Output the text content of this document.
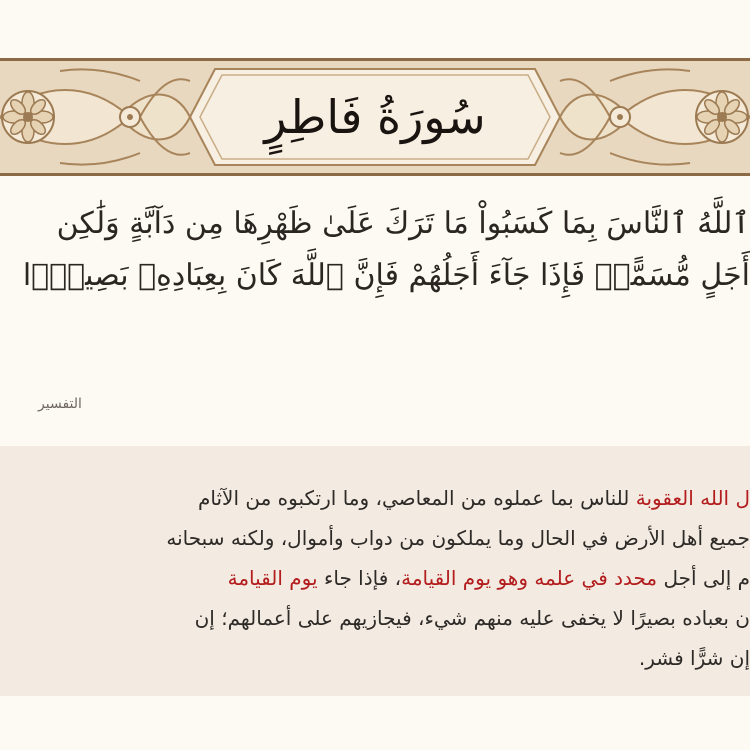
سُورَةُ فَاطِرٍ
ٱللَّهُ ٱلنَّاسَ بِمَا كَسَبُواْ مَا تَرَكَ عَلَىٰ ظَهْرِهَا مِن دَآبَّةٍ وَلَٰكِن
أَجَلٍ مُّسَمًّىۖ فَإِذَا جَآءَ أَجَلُهُمْ فَإِنَّ ٱللَّهَ كَانَ بِعِبَادِهِۦ بَصِيرًۢا
التفسير
ل الله العقوبة للناس بما عملوه من المعاصي، وما ارتكبوه من الآثام
جميع أهل الأرض في الحال وما يملكون من دواب وأموال، ولكنه سبحانه
م إلى أجل محدد في علمه وهو يوم القيامة، فإذا جاء يوم القيامة
ن بعباده بصيرًا لا يخفى عليه منهم شيء، فيجازيهم على أعمالهم؛ إن
إن شرًّا فشر.
